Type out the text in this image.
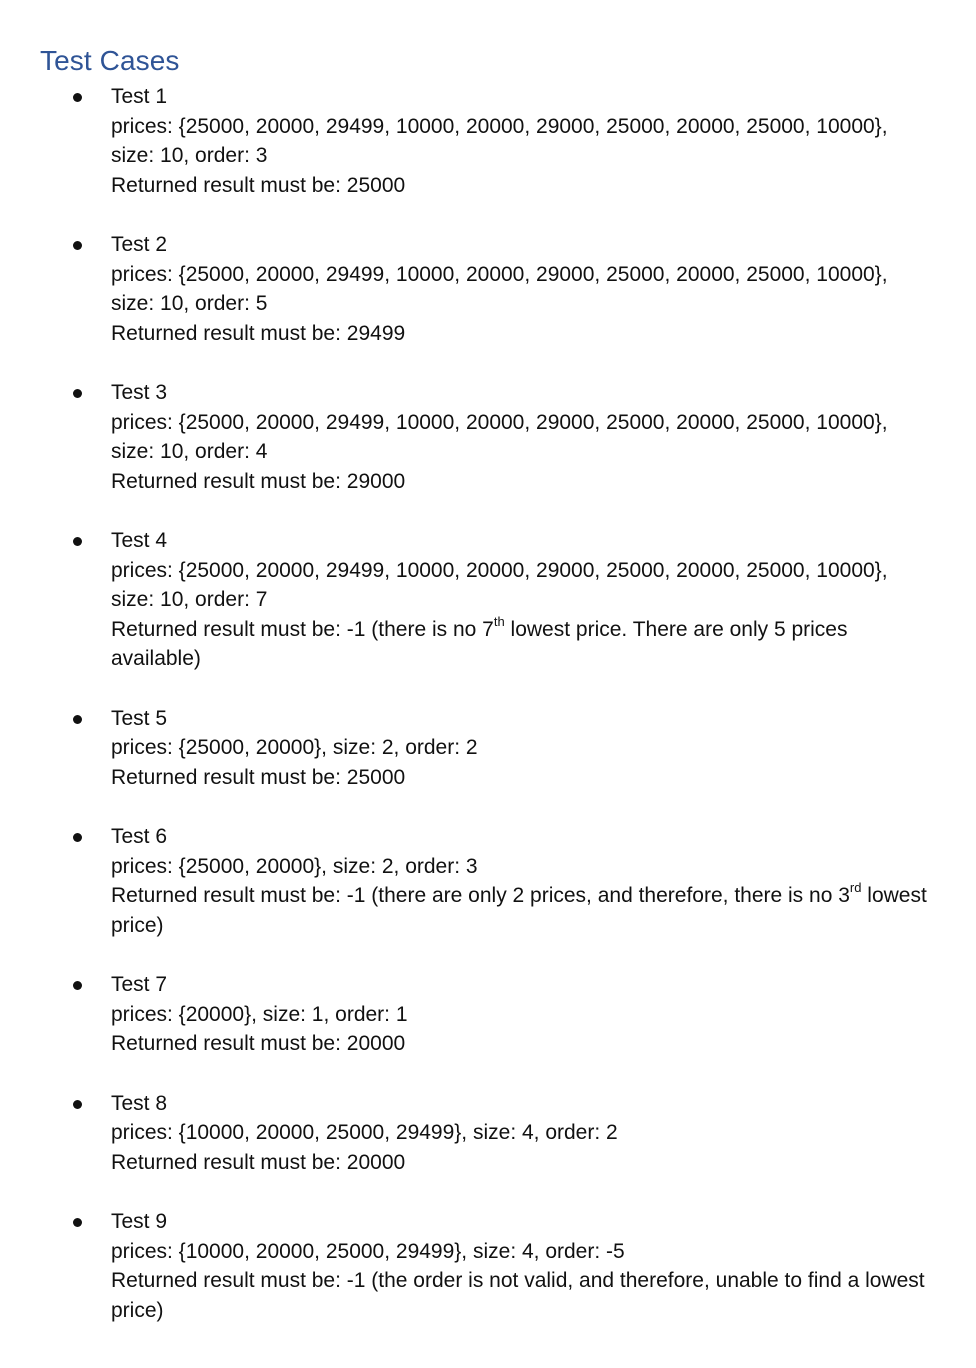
Test Cases
Test 1
prices: {25000, 20000, 29499, 10000, 20000, 29000, 25000, 20000, 25000, 10000},
size: 10, order: 3
Returned result must be: 25000
Test 2
prices: {25000, 20000, 29499, 10000, 20000, 29000, 25000, 20000, 25000, 10000},
size: 10, order: 5
Returned result must be: 29499
Test 3
prices: {25000, 20000, 29499, 10000, 20000, 29000, 25000, 20000, 25000, 10000},
size: 10, order: 4
Returned result must be: 29000
Test 4
prices: {25000, 20000, 29499, 10000, 20000, 29000, 25000, 20000, 25000, 10000},
size: 10, order: 7
Returned result must be: -1 (there is no 7th lowest price. There are only 5 prices available)
Test 5
prices: {25000, 20000}, size: 2, order: 2
Returned result must be: 25000
Test 6
prices: {25000, 20000}, size: 2, order: 3
Returned result must be: -1 (there are only 2 prices, and therefore, there is no 3rd lowest price)
Test 7
prices: {20000}, size: 1, order: 1
Returned result must be: 20000
Test 8
prices: {10000, 20000, 25000, 29499}, size: 4, order: 2
Returned result must be: 20000
Test 9
prices: {10000, 20000, 25000, 29499}, size: 4, order: -5
Returned result must be: -1 (the order is not valid, and therefore, unable to find a lowest price)
